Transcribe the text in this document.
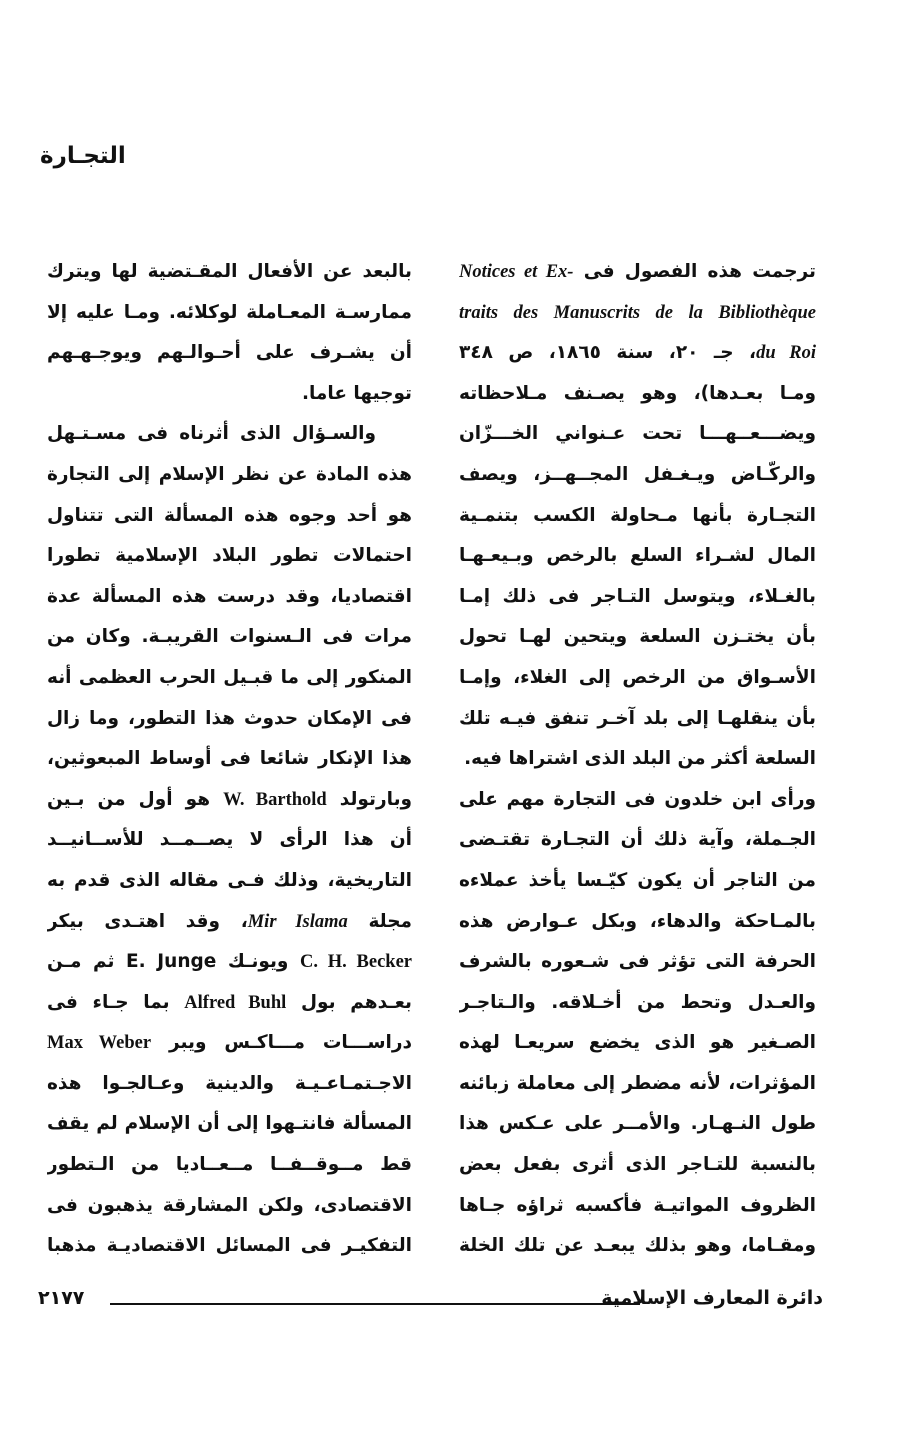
التجـارة
ترجمت هذه الفصول فى Notices et Ex-
traits des Manuscrits de la Bibliothèque
du Roi، جـ ٢٠، سنة ١٨٦٥، ص ٣٤٨
ومـا بعـدها)، وهو يصـنف مـلاحظاته
ويضـــعــهـــا تحت عـنواني الخـــزّان
والركّـاض ويـغـفل المجــهــز، ويصف
التجـارة بأنها مـحاولة الكسب بتنمـية
المال لشـراء السلع بالرخص وبـيعـهـا
بالغـلاء، ويتوسل التـاجر فى ذلك إمـا
بأن يختـزن السلعة ويتحين لهـا تحول
الأسـواق من الرخص إلى الغلاء، وإمـا
بأن ينقلهـا إلى بلد آخـر تنفق فيـه تلك
السلعة أكثر من البلد الذى اشتراها فيه.
ورأى ابن خلدون فى التجارة مهم على
الجـملة، وآية ذلك أن التجـارة تقتـضى
من التاجر أن يكون كيّـسا يأخذ عملاءه
بالمـاحكة والدهاء، وبكل عـوارض هذه
الحرفة التى تؤثر فى شـعوره بالشرف
والعـدل وتحط من أخـلاقه. والـتاجـر
الصـغير هو الذى يخضع سريعـا لهذه
المؤثرات، لأنه مضطر إلى معاملة زبائنه
طول النـهـار. والأمــر على عـكس هذا
بالنسبة للتـاجر الذى أثرى بفعل بعض
الظروف المواتيـة فأكسبه ثراؤه جـاها
ومقـاما، وهو بذلك يبعـد عن تلك الخلة
بالبعد عن الأفعال المقـتضية لها ويترك
ممارسـة المعـاملة لوكلائه. ومـا عليه إلا
أن يشـرف على أحـوالـهم ويوجـهـهم
توجيها عاما.
والسـؤال الذى أثرناه فى مسـتـهل
هذه المادة عن نظر الإسلام إلى التجارة
هو أحد وجوه هذه المسألة التى تتناول
احتمالات تطور البلاد الإسلامية تطورا
اقتصاديا، وقد درست هذه المسألة عدة
مرات فى الـسنوات القريبـة. وكان من
المنكور إلى ما قبـيل الحرب العظمى أنه
فى الإمكان حدوث هذا التطور، وما زال
هذا الإنكار شائعا فى أوساط المبعوثين،
وبارتولد W. Barthold هو أول من بـين
أن هذا الرأى لا يصــمــد للأســانيــد
التاريخية، وذلك فـى مقاله الذى قدم به
مجلة Mir Islama، وقد اهتـدى بيكر
C. H. Becker ويونـك E. Junge ثم مـن
بعـدهم بول Alfred Buhl بما جـاء فى
دراســـات مـــاكـس ويبر Max Weber
الاجـتمـاعـيـة والدينية وعـالجـوا هذه
المسألة فانتـهوا إلى أن الإسلام لم يقف
قط مــوقــفــا مــعــاديا من الـتطور
الاقتصادى، ولكن المشارقة يذهبون فى
التفكيـر فى المسائل الاقتصاديـة مذهبا
دائرة المعارف الإسلامية
٢١٧٧
